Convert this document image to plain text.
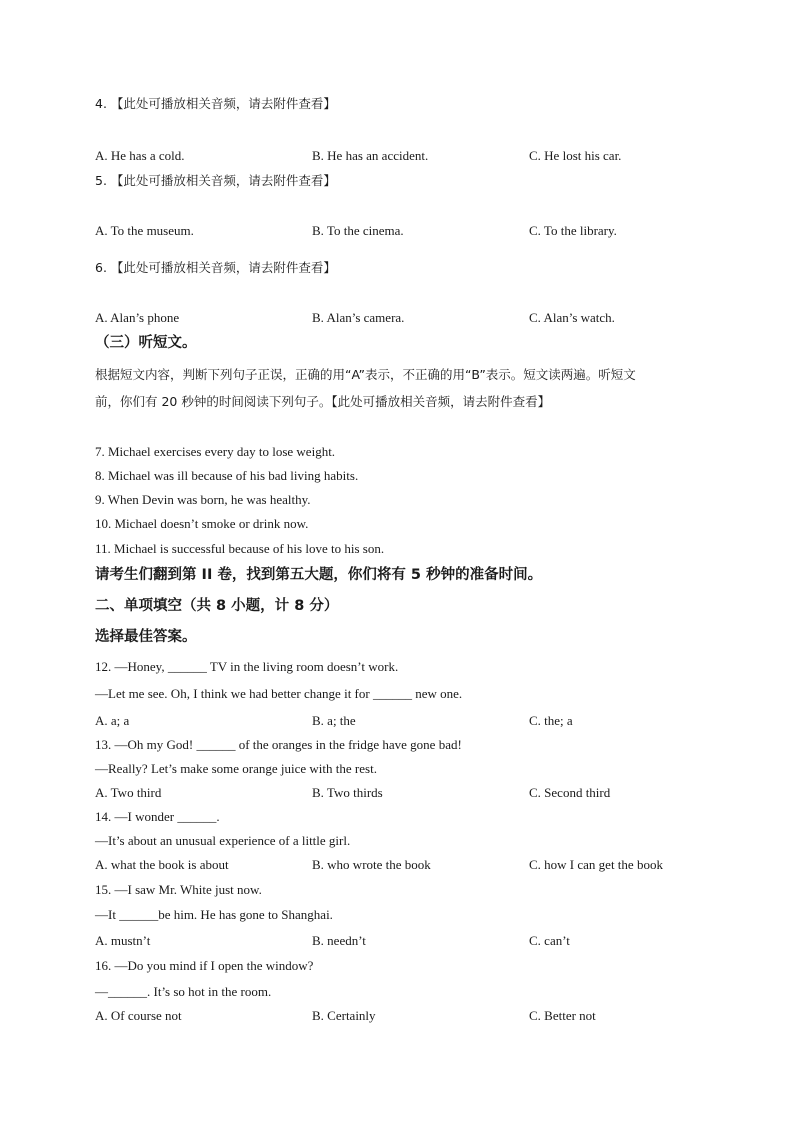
4. 【此处可播放相关音频，请去附件查看】
A. He has a cold.	B. He has an accident.	C. He lost his car.
5. 【此处可播放相关音频，请去附件查看】
A. To the museum.	B. To the cinema.	C. To the library.
6. 【此处可播放相关音频，请去附件查看】
A. Alan’s phone	B. Alan’s camera.	C. Alan’s watch.
（三）听短文。
根据短文内容，判断下列句子正误，正确的用“A”表示，不正确的用“B”表示。短文读两遍。听短文
前，你们有 20 秒钟的时间阅读下列句子。【此处可播放相关音频，请去附件查看】
7. Michael exercises every day to lose weight.
8. Michael was ill because of his bad living habits.
9. When Devin was born, he was healthy.
10. Michael doesn’t smoke or drink now.
11. Michael is successful because of his love to his son.
请考生们翻到第 II 卷，找到第五大题，你们将有 5 秒钟的准备时间。
二、单项填空（共 8 小题，计 8 分）
选择最佳答案。
12. —Honey, ______ TV in the living room doesn’t work.
—Let me see. Oh, I think we had better change it for ______ new one.
A. a; a	B. a; the	C. the; a
13. —Oh my God! ______ of the oranges in the fridge have gone bad!
—Really? Let’s make some orange juice with the rest.
A. Two third	B. Two thirds	C. Second third
14. —I wonder ______.
—It’s about an unusual experience of a little girl.
A. what the book is about	B. who wrote the book	C. how I can get the book
15. —I saw Mr. White just now.
—It ______be him. He has gone to Shanghai.
A. mustn’t	B. needn’t	C. can’t
16. —Do you mind if I open the window?
—______. It’s so hot in the room.
A. Of course not	B. Certainly	C. Better not
